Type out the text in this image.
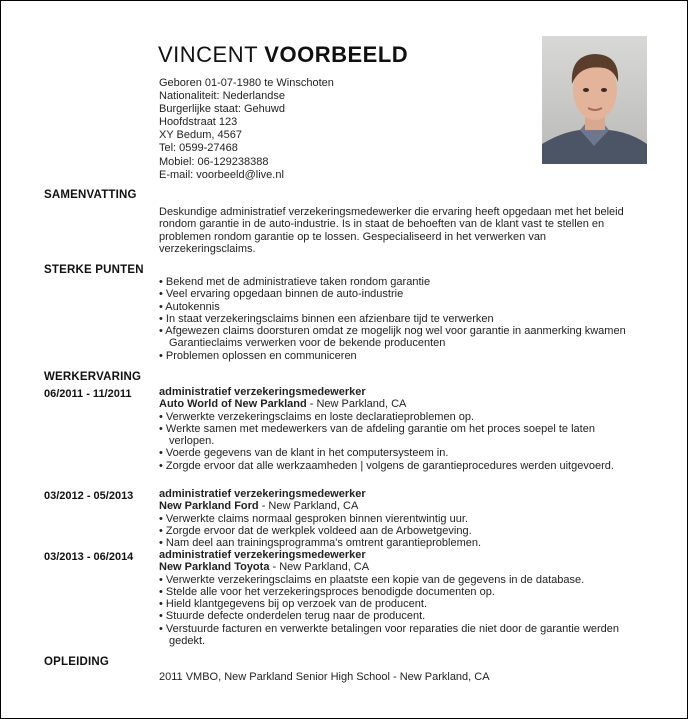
VINCENT VOORBEELD
Geboren 01-07-1980 te Winschoten
Nationaliteit: Nederlandse
Burgerlijke staat: Gehuwd
Hoofdstraat 123
XY Bedum, 4567
Tel: 0599-27468
Mobiel: 06-129238388
E-mail: voorbeeld@live.nl
SAMENVATTING
Deskundige administratief verzekeringsmedewerker die ervaring heeft opgedaan met het beleid rondom garantie in de auto-industrie. Is in staat de behoeften van de klant vast te stellen en problemen rondom garantie op te lossen. Gespecialiseerd in het verwerken van verzekeringsclaims.
STERKE PUNTEN
• Bekend met de administratieve taken rondom garantie
• Veel ervaring opgedaan binnen de auto-industrie
• Autokennis
• In staat verzekeringsclaims binnen een afzienbare tijd te verwerken
• Afgewezen claims doorsturen omdat ze mogelijk nog wel voor garantie in aanmerking kwamen Garantieclaims verwerken voor de bekende producenten
• Problemen oplossen en communiceren
WERKERVARING
06/2011 - 11/2011	administratief verzekeringsmedewerker
Auto World of New Parkland - New Parkland, CA
• Verwerkte verzekeringsclaims en loste declaratieproblemen op.
• Werkte samen met medewerkers van de afdeling garantie om het proces soepel te laten verlopen.
• Voerde gegevens van de klant in het computersysteem in.
• Zorgde ervoor dat alle werkzaamheden | volgens de garantieprocedures werden uitgevoerd.
03/2012 - 05/2013 administratief verzekeringsmedewerker
New Parkland Ford - New Parkland, CA
• Verwerkte claims normaal gesproken binnen vierentwintig uur.
• Zorgde ervoor dat de werkplek voldeed aan de Arbowetgeving.
• Nam deel aan trainingsprogramma's omtrent garantieproblemen.
03/2013 - 06/2014 administratief verzekeringsmedewerker
New Parkland Toyota - New Parkland, CA
• Verwerkte verzekeringsclaims en plaatste een kopie van de gegevens in de database.
• Stelde alle voor het verzekeringsproces benodigde documenten op.
• Hield klantgegevens bij op verzoek van de producent.
• Stuurde defecte onderdelen terug naar de producent.
• Verstuurde facturen en verwerkte betalingen voor reparaties die niet door de garantie werden gedekt.
OPLEIDING
2011 VMBO, New Parkland Senior High School - New Parkland, CA
